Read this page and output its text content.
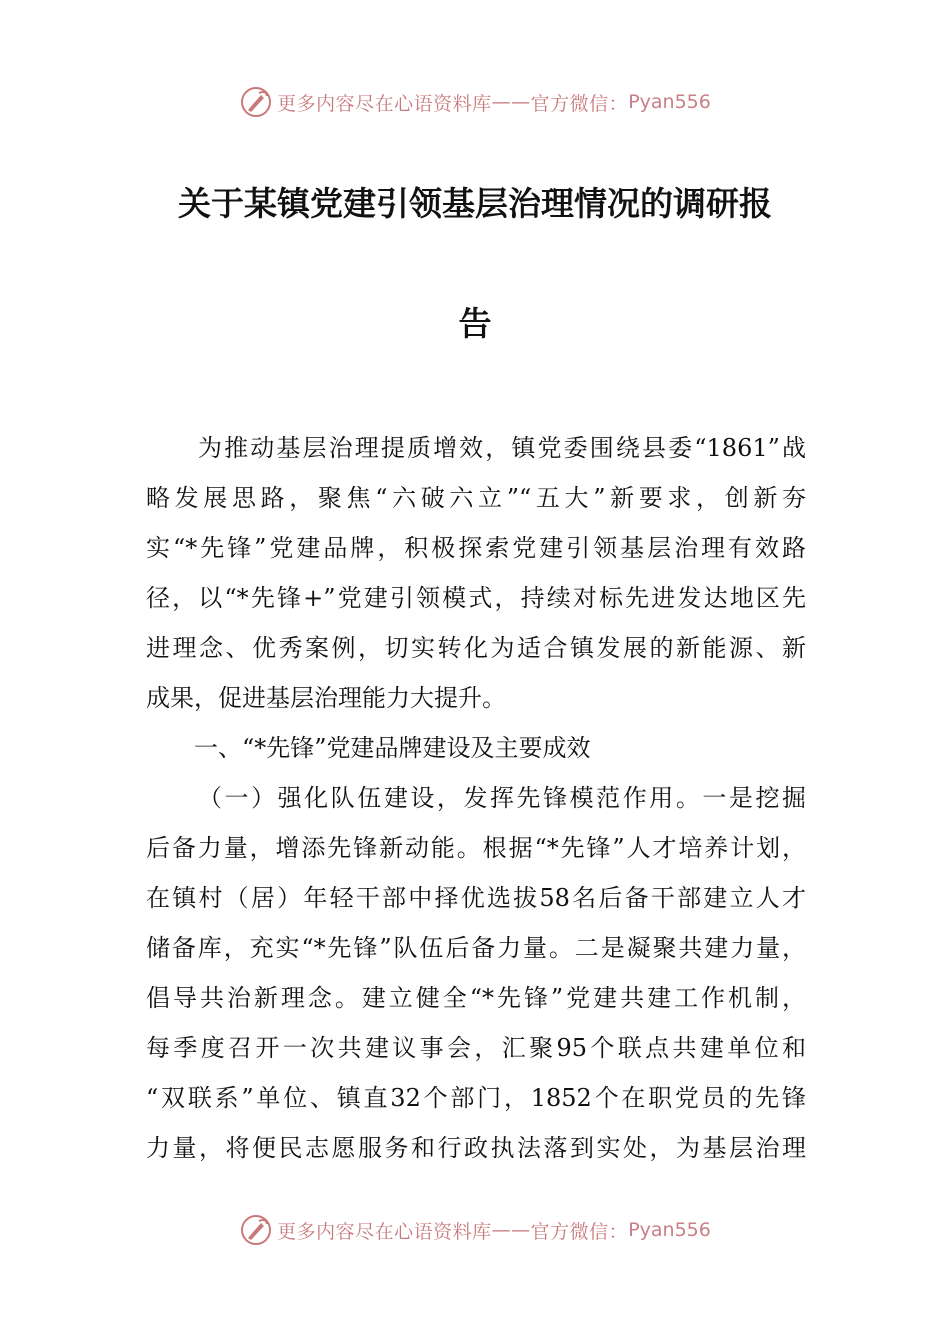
更多内容尽在心语资料库 —— 官方微信： Pyan556
关于某镇党建引领基层治理情况的调研报
告
为推动基层治理提质增效，镇党委围绕县委“1861”战
略发展思路，聚焦“六破六立”“五大”新要求，创新夯
实“*先锋”党建品牌，积极探索党建引领基层治理有效路
径，以“*先锋+”党建引领模式，持续对标先进发达地区先
进理念、优秀案例，切实转化为适合镇发展的新能源、新
成果，促进基层治理能力大提升。
一、“*先锋”党建品牌建设及主要成效
（一）强化队伍建设，发挥先锋模范作用。一是挖掘
后备力量，增添先锋新动能。根据“*先锋”人才培养计划，
在镇村（居）年轻干部中择优选拔58名后备干部建立人才
储备库，充实“*先锋”队伍后备力量。二是凝聚共建力量，
倡导共治新理念。建立健全“*先锋”党建共建工作机制，
每季度召开一次共建议事会，汇聚95个联点共建单位和
“双联系”单位、镇直32个部门，1852个在职党员的先锋
力量，将便民志愿服务和行政执法落到实处，为基层治理
更多内容尽在心语资料库 —— 官方微信： Pyan556
